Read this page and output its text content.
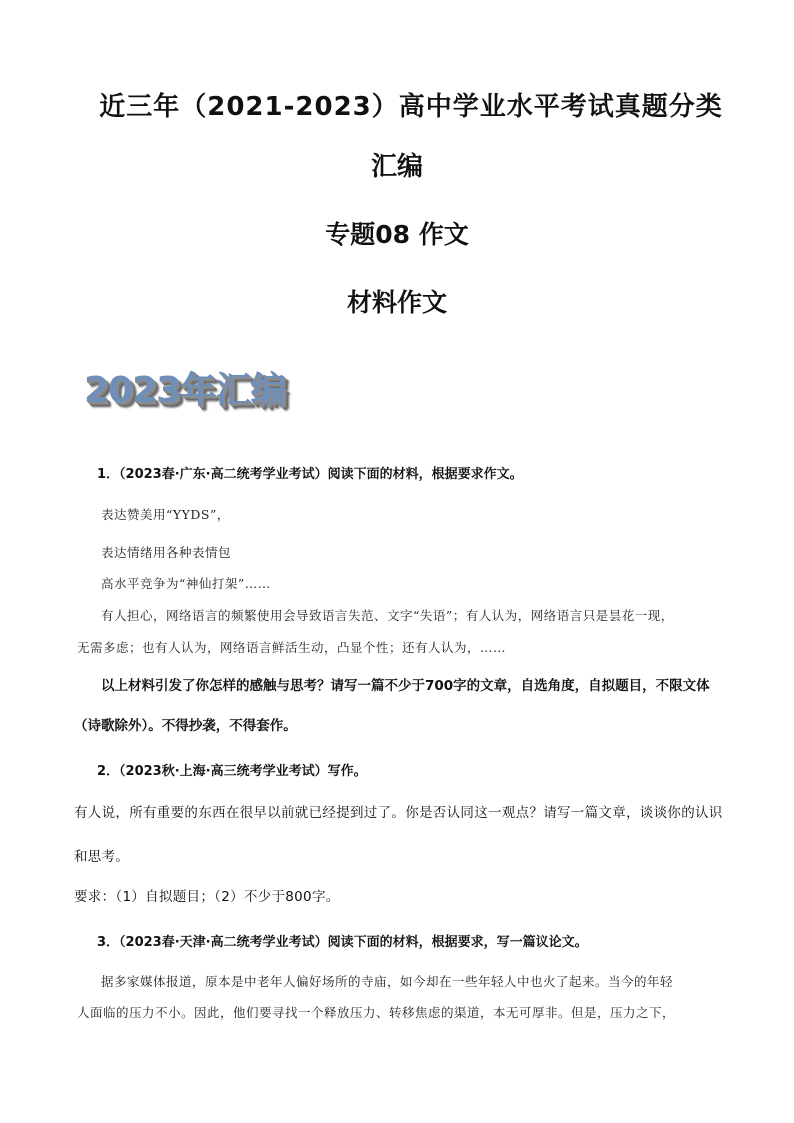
近三年（2021-2023）高中学业水平考试真题分类
汇编
专题08 作文
材料作文
2023年汇编
1．（2023春·广东·高二统考学业考试）阅读下面的材料，根据要求作文。
表达赞美用“YYDS”，
表达情绪用各种表情包
高水平竞争为“神仙打架”……
有人担心，网络语言的频繁使用会导致语言失范、文字“失语”；有人认为，网络语言只是昙花一现，
无需多虑；也有人认为，网络语言鲜活生动，凸显个性；还有人认为，……
以上材料引发了你怎样的感触与思考？请写一篇不少于700字的文章，自选角度，自拟题目，不限文体
（诗歌除外）。不得抄袭，不得套作。
2．（2023秋·上海·高三统考学业考试）写作。
有人说，所有重要的东西在很早以前就已经提到过了。你是否认同这一观点？请写一篇文章，谈谈你的认识
和思考。
要求：（1）自拟题目；（2）不少于800字。
3．（2023春·天津·高二统考学业考试）阅读下面的材料，根据要求，写一篇议论文。
据多家媒体报道，原本是中老年人偏好场所的寺庙，如今却在一些年轻人中也火了起来。当今的年轻
人面临的压力不小。因此，他们要寻找一个释放压力、转移焦虑的渠道，本无可厚非。但是，压力之下，
